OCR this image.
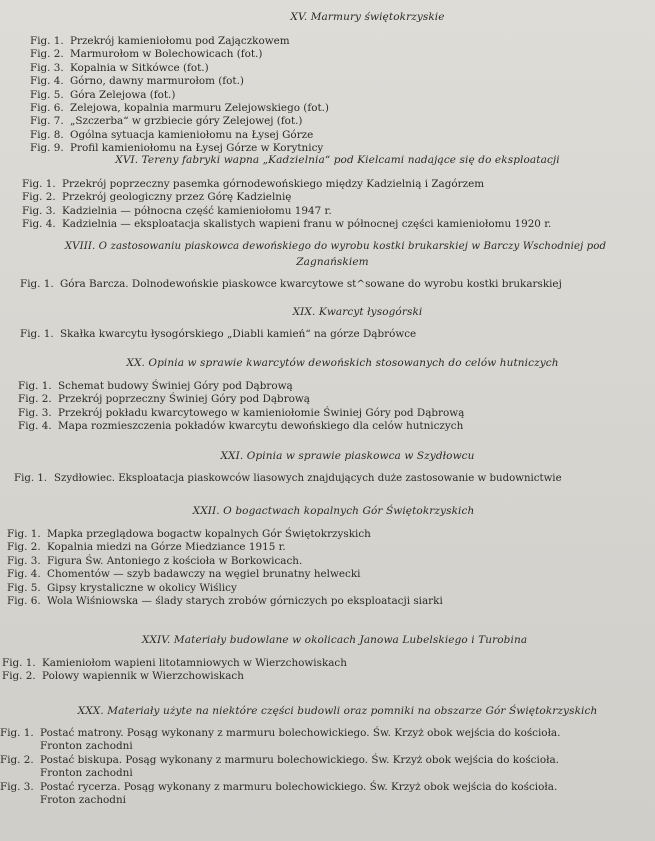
XV. Marmury świętokrzyskie
Fig. 1. Przekrój kamieniołomu pod Zajączkowem
Fig. 2. Marmurołom w Bolechowicach (fot.)
Fig. 3. Kopalnia w Sitkówce (fot.)
Fig. 4. Górno, dawny marmurołom (fot.)
Fig. 5. Góra Zelejowa (fot.)
Fig. 6. Zelejowa, kopalnia marmuru Zelejowskiego (fot.)
Fig. 7. „Szczerba“ w grzbiecie góry Zelejowej (fot.)
Fig. 8. Ogólna sytuacja kamieniołomu na Łysej Górze
Fig. 9. Profil kamieniołomu na Łysej Górze w Korytnicy
XVI. Tereny fabryki wapna „Kadzielnia“ pod Kielcami nadające się do eksploatacji
Fig. 1. Przekrój poprzeczny pasemka górnodewońskiego między Kadzielnią i Zagórzem
Fig. 2. Przekrój geologiczny przez Górę Kadzielnię
Fig. 3. Kadzielnia — północna część kamieniołomu 1947 r.
Fig. 4. Kadzielnia — eksploatacja skalistych wapieni franu w północnej części kamieniołomu 1920 r.
XVIII. O zastosowaniu piaskowca dewońskiego do wyrobu kostki brukarskiej w Barczy Wschodniej pod
Zagnańskiem
Fig. 1. Góra Barcza. Dolnodewońskie piaskowce kwarcytowe st^sowane do wyrobu kostki brukarskiej
XIX. Kwarcyt łysogórski
Fig. 1. Skałka kwarcytu łysogórskiego „Diabli kamień“ na górze Dąbrówce
XX. Opinia w sprawie kwarcytów dewońskich stosowanych do celów hutniczych
Fig. 1. Schemat budowy Świniej Góry pod Dąbrową
Fig. 2. Przekrój poprzeczny Świniej Góry pod Dąbrową
Fig. 3. Przekrój pokładu kwarcytowego w kamieniołomie Świniej Góry pod Dąbrową
Fig. 4. Mapa rozmieszczenia pokładów kwarcytu dewońskiego dla celów hutniczych
XXI. Opinia w sprawie piaskowca w Szydłowcu
Fig. 1. Szydłowiec. Eksploatacja piaskowców liasowych znajdujących duże zastosowanie w budownictwie
XXII. O bogactwach kopalnych Gór Świętokrzyskich
Fig. 1. Mapka przeglądowa bogactw kopalnych Gór Świętokrzyskich
Fig. 2. Kopalnia miedzi na Górze Miedziance 1915 r.
Fig. 3. Figura Św. Antoniego z kościoła w Borkowicach.
Fig. 4. Chomentów — szyb badawczy na węgiel brunatny helwecki
Fig. 5. Gipsy krystaliczne w okolicy Wiślicy
Fig. 6. Wola Wiśniowska — ślady starych zrobów górniczych po eksploatacji siarki
XXIV. Materiały budowlane w okolicach Janowa Lubelskiego i Turobina
Fig. 1. Kamieniołom wapieni litotamniowych w Wierzchowiskach
Fig. 2. Polowy wapiennik w Wierzchowiskach
XXX. Materiały użyte na niektóre części budowli oraz pomniki na obszarze Gór Świętokrzyskich
Fig. 1. Postać matrony. Posąg wykonany z marmuru bolechowickiego. Św. Krzyż obok wejścia do kościoła.
Fronton zachodni
Fig. 2. Postać biskupa. Posąg wykonany z marmuru bolechowickiego. Św. Krzyż obok wejścia do kościoła.
Fronton zachodni
Fig. 3. Postać rycerza. Posąg wykonany z marmuru bolechowickiego. Św. Krzyż obok wejścia do kościoła.
Froton zachodni
